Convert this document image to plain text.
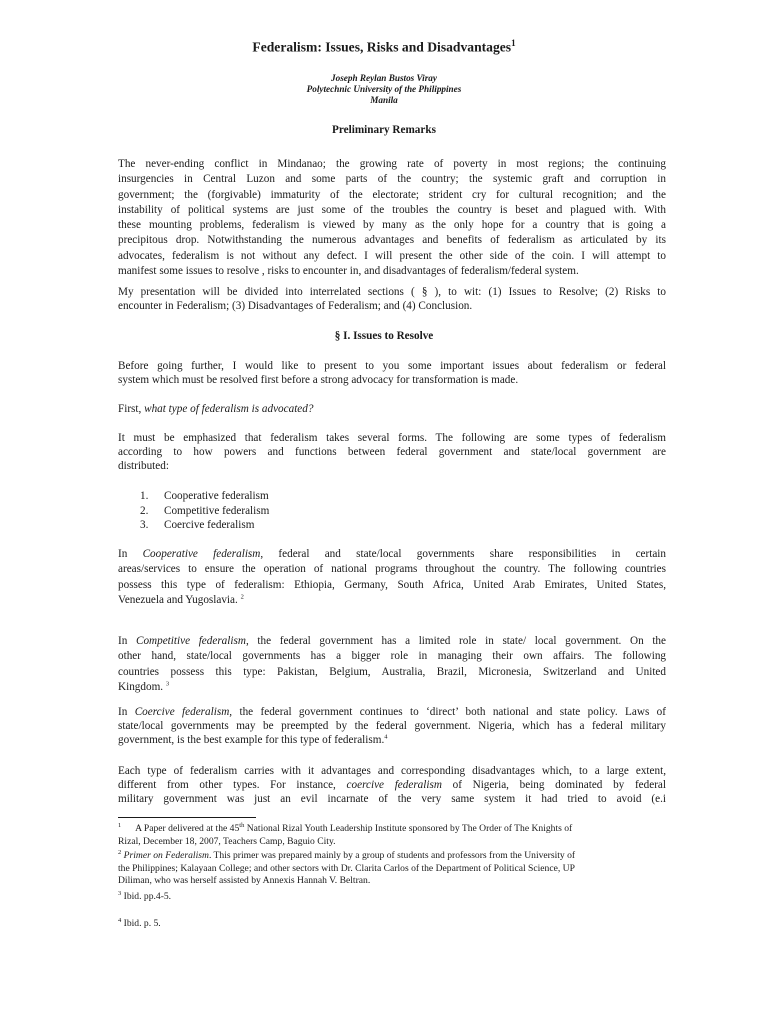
Federalism: Issues, Risks and Disadvantages$^1$
Joseph Reylan Bustos Viray
Polytechnic University of the Philippines
Manila
Preliminary Remarks
The never-ending conflict in Mindanao; the growing rate of poverty in most regions; the continuing
insurgencies in Central Luzon and some parts of the country; the systemic graft and corruption in
government; the (forgivable) immaturity of the electorate; strident cry for cultural recognition; and the
instability of political systems are just some of the troubles the country is beset and plagued with. With
these mounting problems, federalism is viewed by many as the only hope for a country that is going a
precipitous drop. Notwithstanding the numerous advantages and benefits of federalism as articulated by its
advocates, federalism is not without any defect. I will present the other side of the coin. I will attempt to
manifest some issues to resolve , risks to encounter in, and disadvantages of federalism/federal system.
My presentation will be divided into interrelated sections ( § ), to wit: (1) Issues to Resolve; (2) Risks to
encounter in Federalism; (3) Disadvantages of Federalism; and (4) Conclusion.
§ I. Issues to Resolve
Before going further, I would like to present to you some important issues about federalism or federal
system which must be resolved first before a strong advocacy for transformation is made.
First, what type of federalism is advocated?
It must be emphasized that federalism takes several forms. The following are some types of federalism
according to how powers and functions between federal government and state/local government are
distributed:
1. Cooperative federalism
2. Competitive federalism
3. Coercive federalism
In Cooperative federalism, federal and state/local governments share responsibilities in certain
areas/services to ensure the operation of national programs throughout the country. The following countries
possess this type of federalism: Ethiopia, Germany, South Africa, United Arab Emirates, United States,
Venezuela and Yugoslavia. $^2$
In Competitive federalism, the federal government has a limited role in state/ local government. On the
other hand, state/local governments has a bigger role in managing their own affairs. The following
countries possess this type: Pakistan, Belgium, Australia, Brazil, Micronesia, Switzerland and United
Kingdom. $^3$
In Coercive federalism, the federal government continues to ‘direct’ both national and state policy. Laws of
state/local governments may be preempted by the federal government. Nigeria, which has a federal military
government, is the best example for this type of federalism.$^4$
Each type of federalism carries with it advantages and corresponding disadvantages which, to a large extent,
different from other types. For instance, coercive federalism of Nigeria, being dominated by federal
military government was just an evil incarnate of the very same system it had tried to avoid (e.i
$^1$      A Paper delivered at the 45th National Rizal Youth Leadership Institute sponsored by The Order of The Knights of
Rizal, December 18, 2007, Teachers Camp, Baguio City.
$^2$ Primer on Federalism. This primer was prepared mainly by a group of students and professors from the University of
the Philippines; Kalayaan College; and other sectors with Dr. Clarita Carlos of the Department of Political Science, UP
Diliman, who was herself assisted by Annexis Hannah V. Beltran.
$^3$ Ibid. pp.4-5.
$^4$ Ibid. p. 5.
